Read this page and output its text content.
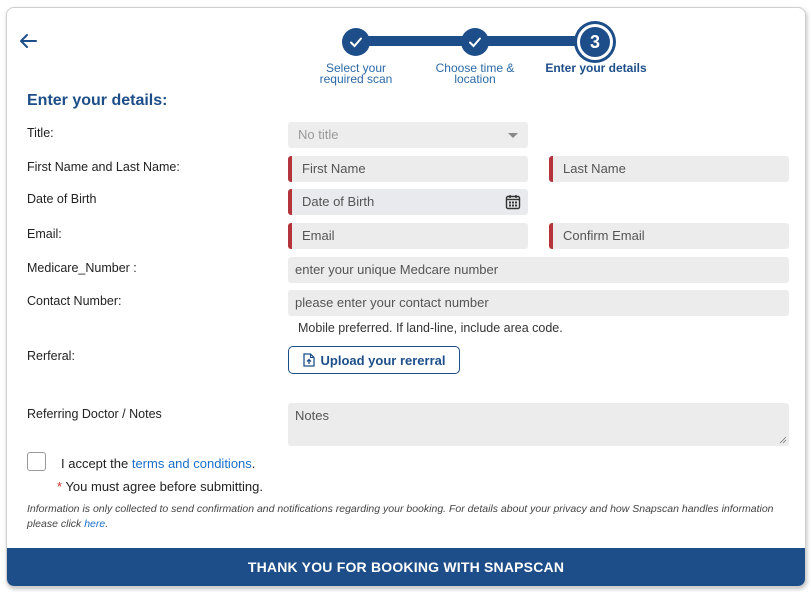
3
Select your
required scan
Choose time &
location
Enter your details
Enter your details:
Title:	No title
First Name and Last Name:	First Name	Last Name
Date of Birth	Date of Birth
Email:	Email	Confirm Email
Medicare_Number :	enter your unique Medcare number
Contact Number:	please enter your contact number
Mobile preferred. If land-line, include area code.
Rerferal:	Upload your rererral
Referring Doctor / Notes	Notes
I accept the terms and conditions.
* You must agree before submitting.
Information is only collected to send confirmation and notifications regarding your booking. For details about your privacy and how Snapscan handles information please click here.
THANK YOU FOR BOOKING WITH SNAPSCAN
